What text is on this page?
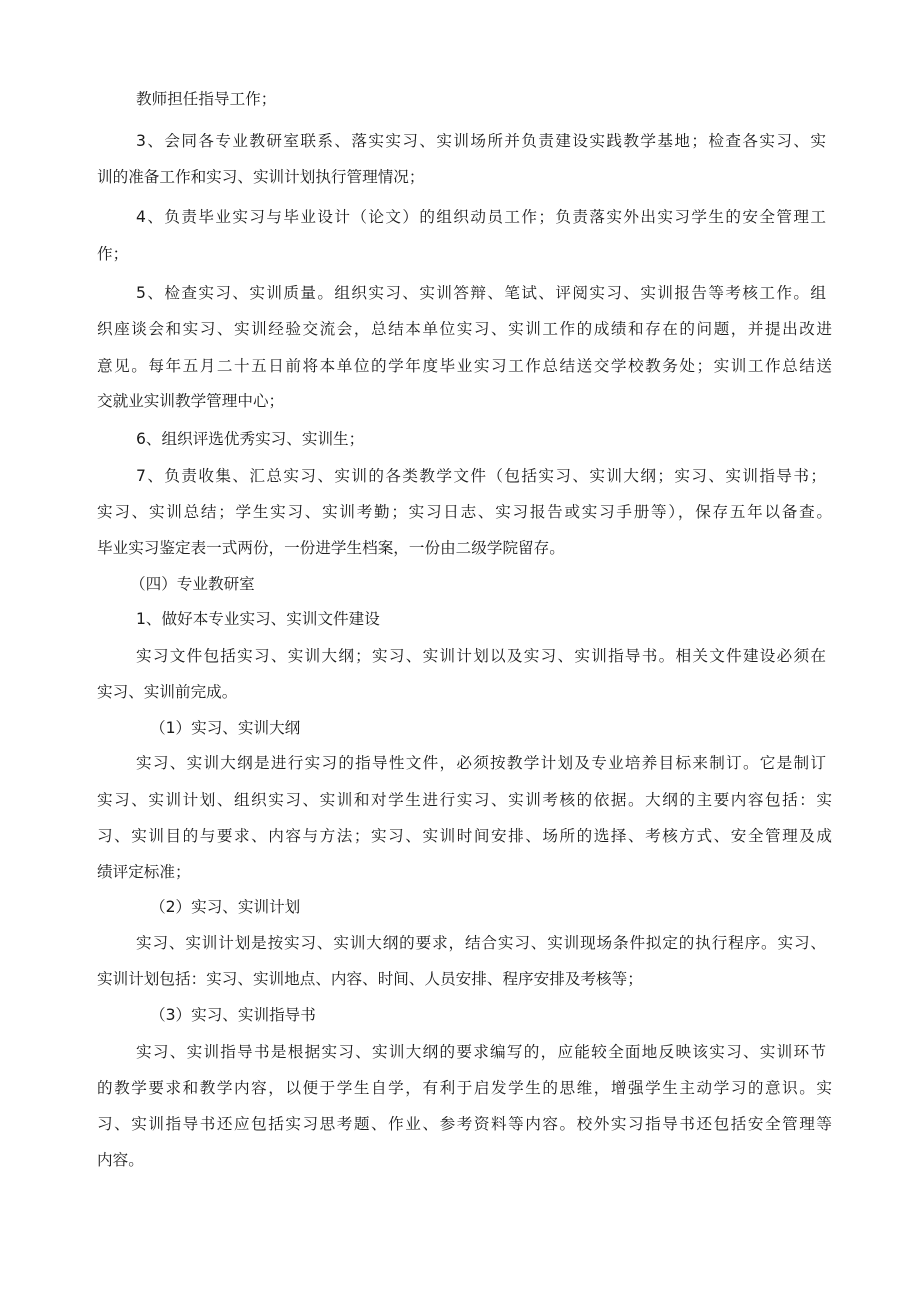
教师担任指导工作；
3、会同各专业教研室联系、落实实习、实训场所并负责建设实践教学基地；检查各实习、实
训的准备工作和实习、实训计划执行管理情况；
4、负责毕业实习与毕业设计（论文）的组织动员工作；负责落实外出实习学生的安全管理工
作；
5、检查实习、实训质量。组织实习、实训答辩、笔试、评阅实习、实训报告等考核工作。组
织座谈会和实习、实训经验交流会，总结本单位实习、实训工作的成绩和存在的问题，并提出改进
意见。每年五月二十五日前将本单位的学年度毕业实习工作总结送交学校教务处；实训工作总结送
交就业实训教学管理中心；
6、组织评选优秀实习、实训生；
7、负责收集、汇总实习、实训的各类教学文件（包括实习、实训大纲；实习、实训指导书；
实习、实训总结；学生实习、实训考勤；实习日志、实习报告或实习手册等），保存五年以备查。
毕业实习鉴定表一式两份，一份进学生档案，一份由二级学院留存。
（四）专业教研室
1、做好本专业实习、实训文件建设
实习文件包括实习、实训大纲；实习、实训计划以及实习、实训指导书。相关文件建设必须在
实习、实训前完成。
（1）实习、实训大纲
实习、实训大纲是进行实习的指导性文件，必须按教学计划及专业培养目标来制订。它是制订
实习、实训计划、组织实习、实训和对学生进行实习、实训考核的依据。大纲的主要内容包括：实
习、实训目的与要求、内容与方法；实习、实训时间安排、场所的选择、考核方式、安全管理及成
绩评定标准；
（2）实习、实训计划
实习、实训计划是按实习、实训大纲的要求，结合实习、实训现场条件拟定的执行程序。实习、
实训计划包括：实习、实训地点、内容、时间、人员安排、程序安排及考核等；
（3）实习、实训指导书
实习、实训指导书是根据实习、实训大纲的要求编写的，应能较全面地反映该实习、实训环节
的教学要求和教学内容，以便于学生自学，有利于启发学生的思维，增强学生主动学习的意识。实
习、实训指导书还应包括实习思考题、作业、参考资料等内容。校外实习指导书还包括安全管理等
内容。
